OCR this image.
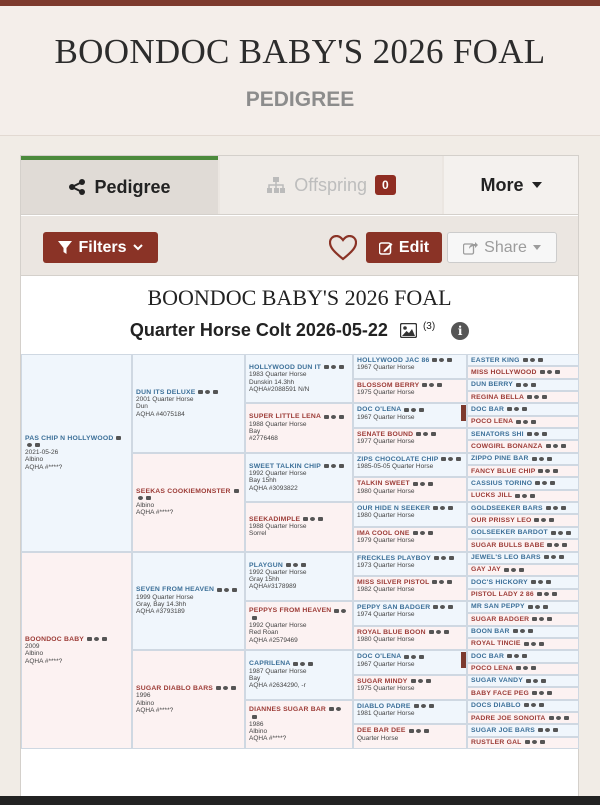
BOONDOC BABY'S 2026 FOAL
PEDIGREE
Pedigree	Offspring	0	More
Filters	Edit	Share
BOONDOC BABY'S 2026 FOAL
Quarter Horse Colt 2026-05-22	(3)	i
PAS CHIP N HOLLYWOOD

2021-05-26
Albino
AQHA #****?
BOONDOC BABY

2009
Albino
AQHA #****?
DUN ITS DELUXE

2001 Quarter Horse
Dun
AQHA #4075184
SEEKAS COOKIEMONSTER

Albino
AQHA #****?
SEVEN FROM HEAVEN

1999 Quarter Horse
Gray, Bay 14.3hh
AQHA #3793189
SUGAR DIABLO BARS

1996
Albino
AQHA #****?
HOLLYWOOD DUN IT

1983 Quarter Horse
Dunskin 14.3hh
AQHA#2088591 N/N
SUPER LITTLE LENA

1988 Quarter Horse
Bay
#2776468
SWEET TALKIN CHIP

1992 Quarter Horse
Bay 15hh
AQHA #3093822
SEEKADIMPLE

1988 Quarter Horse
Sorrel
PLAYGUN

1992 Quarter Horse
Gray 15hh
AQHA#3178989
PEPPYS FROM HEAVEN

1992 Quarter Horse
Red Roan
AQHA #2579469
CAPRILENA

1987 Quarter Horse
Bay
AQHA #2634290, -r
DIANNES SUGAR BAR

1986
Albino
AQHA #****?
HOLLYWOOD JAC 86

1967 Quarter Horse
BLOSSOM BERRY

1975 Quarter Horse
DOC O'LENA

1967 Quarter Horse
SENATE BOUND

1977 Quarter Horse
ZIPS CHOCOLATE CHIP

1985-05-05 Quarter Horse
TALKIN SWEET

1980 Quarter Horse
OUR HIDE N SEEKER

1980 Quarter Horse
IMA COOL ONE

1979 Quarter Horse
FRECKLES PLAYBOY

1973 Quarter Horse
MISS SILVER PISTOL

1982 Quarter Horse
PEPPY SAN BADGER

1974 Quarter Horse
ROYAL BLUE BOON

1980 Quarter Horse
DOC O'LENA

1967 Quarter Horse
SUGAR MINDY

1975 Quarter Horse
DIABLO PADRE

1981 Quarter Horse
DEE BAR DEE

Quarter Horse
EASTER KING
MISS HOLLYWOOD
DUN BERRY
REGINA BELLA
DOC BAR
POCO LENA
SENATORS SHI
COWGIRL BONANZA
ZIPPO PINE BAR
FANCY BLUE CHIP
CASSIUS TORINO
LUCKS JILL
GOLDSEEKER BARS
OUR PRISSY LEO
GOLSEEKER BARDOT
SUGAR BULLS BABE
JEWEL'S LEO BARS
GAY JAY
DOC'S HICKORY
PISTOL LADY 2 86
MR SAN PEPPY
SUGAR BADGER
BOON BAR
ROYAL TINCIE
DOC BAR
POCO LENA
SUGAR VANDY
BABY FACE PEG
DOCS DIABLO
PADRE JOE SONOITA
SUGAR JOE BARS
RUSTLER GAL
